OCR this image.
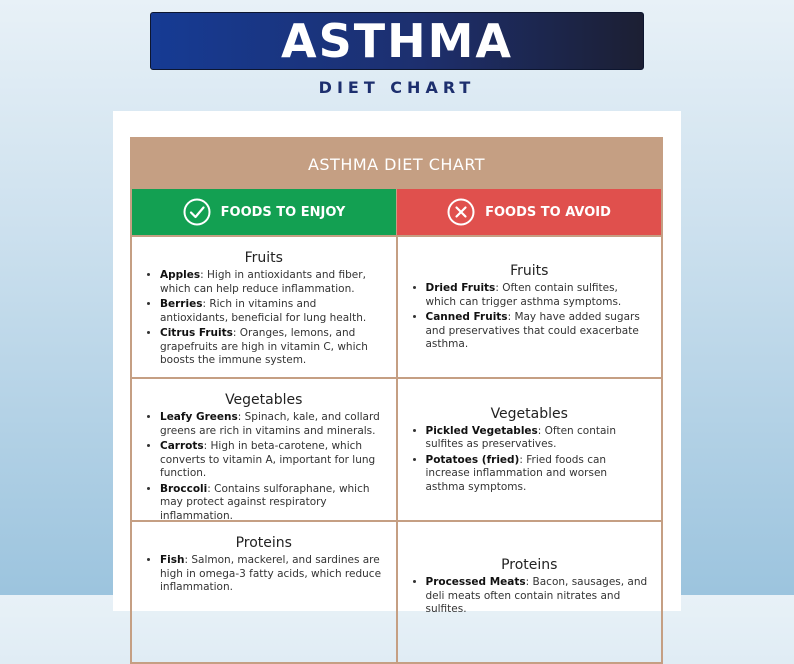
ASTHMA
DIET CHART
ASTHMA DIET CHART
FOODS TO ENJOY	FOODS TO AVOID
Fruits
• Apples: High in antioxidants and fiber, which can help reduce inflammation.
• Berries: Rich in vitamins and antioxidants, beneficial for lung health.
• Citrus Fruits: Oranges, lemons, and grapefruits are high in vitamin C, which boosts the immune system.
Fruits
• Dried Fruits: Often contain sulfites, which can trigger asthma symptoms.
• Canned Fruits: May have added sugars and preservatives that could exacerbate asthma.
Vegetables
• Leafy Greens: Spinach, kale, and collard greens are rich in vitamins and minerals.
• Carrots: High in beta-carotene, which converts to vitamin A, important for lung function.
• Broccoli: Contains sulforaphane, which may protect against respiratory inflammation.
Vegetables
• Pickled Vegetables: Often contain sulfites as preservatives.
• Potatoes (fried): Fried foods can increase inflammation and worsen asthma symptoms.
Proteins
• Fish: Salmon, mackerel, and sardines are high in omega-3 fatty acids, which reduce inflammation.
Proteins
• Processed Meats: Bacon, sausages, and deli meats often contain nitrates and sulfites.
